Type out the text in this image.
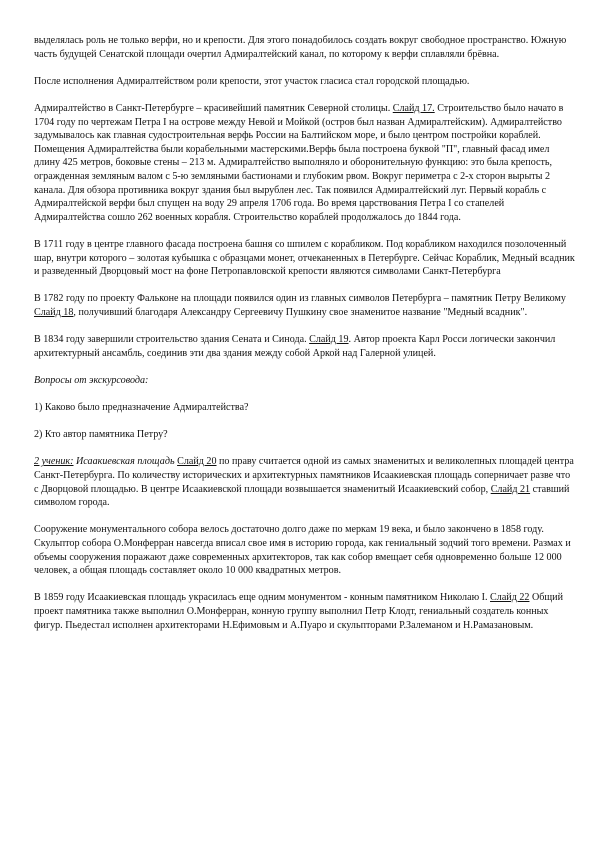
выделялась роль не только верфи, но и крепости. Для этого понадобилось создать вокруг свободное пространство. Южную часть будущей Сенатской площади очертил Адмиралтейский канал, по которому к верфи сплавляли брёвна.

После исполнения Адмиралтейством роли крепости, этот участок гласиса стал городской площадью.

Адмиралтейство в Санкт-Петербурге – красивейший памятник Северной столицы. Слайд 17. Строительство было начато в 1704 году по чертежам Петра I на острове между Невой и Мойкой (остров был назван Адмиралтейским). Адмиралтейство задумывалось как главная судостроительная верфь России на Балтийском море, и было центром постройки кораблей. Помещения Адмиралтейства были корабельными мастерскими.Верфь была построена буквой "П", главный фасад имел длину 425 метров, боковые стены – 213 м. Адмиралтейство выполняло и оборонительную функцию: это была крепость, огражденная земляным валом с 5-ю земляными бастионами и глубоким рвом. Вокруг периметра с 2-х сторон вырыты 2 канала. Для обзора противника вокруг здания был вырублен лес. Так появился Адмиралтейский луг. Первый корабль с Адмиралтейской верфи был спущен на воду 29 апреля 1706 года. Во время царствования Петра I со стапелей Адмиралтейства сошло 262 военных корабля. Строительство кораблей продолжалось до 1844 года.

В 1711 году в центре главного фасада построена башня со шпилем с корабликом. Под корабликом находился позолоченный шар, внутри которого – золотая кубышка с образцами монет, отчеканенных в Петербурге. Сейчас Кораблик, Медный всадник и разведенный Дворцовый мост на фоне Петропавловской крепости являются символами Санкт-Петербурга

В 1782 году по проекту Фальконе на площади появился один из главных символов Петербурга – памятник Петру Великому Слайд 18, получивший благодаря Александру Сергеевичу Пушкину свое знаменитое название "Медный всадник".

В 1834 году завершили строительство здания Сената и Синода. Слайд 19. Автор проекта Карл Росси логически закончил архитектурный ансамбль, соединив эти два здания между собой Аркой над Галерной улицей.

Вопросы от экскурсовода:

1) Каково было предназначение Адмиралтейства?

2) Кто автор памятника Петру?

2 ученик: Исаакиевская площадь Слайд 20 по праву считается одной из самых знаменитых и великолепных площадей центра Санкт-Петербурга. По количеству исторических и архитектурных памятников Исаакиевская площадь соперничает разве что с Дворцовой площадью. В центре Исаакиевской площади возвышается знаменитый Исаакиевский собор, Слайд 21 ставший символом города.

Сооружение монументального собора велось достаточно долго даже по меркам 19 века, и было закончено в 1858 году. Скульптор собора О.Монферран навсегда вписал свое имя в историю города, как гениальный зодчий того времени. Размах и объемы сооружения поражают даже современных архитекторов, так как собор вмещает себя одновременно больше 12 000 человек, а общая площадь составляет около 10 000 квадратных метров.

В 1859 году Исаакиевская площадь украсилась еще одним монументом - конным памятником Николаю I. Слайд 22 Общий проект памятника также выполнил О.Монферран, конную группу выполнил Петр Клодт, гениальный создатель конных фигур. Пьедестал исполнен архитекторами Н.Ефимовым и А.Пуаро и скульпторами Р.Залеманом и Н.Рамазановым.
